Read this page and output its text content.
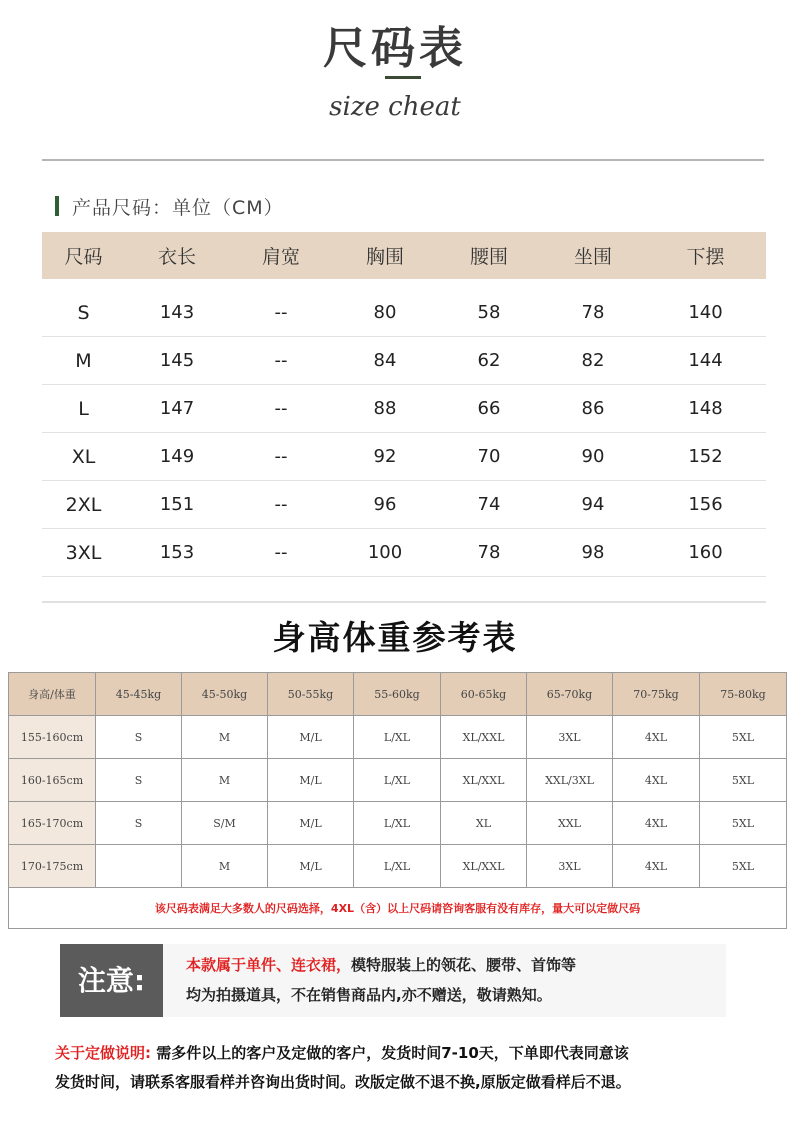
尺码表
size cheat
产品尺码：单位（CM）
尺码	衣长	肩宽	胸围	腰围	坐围	下摆

S	143	--	80	58	78	140
M	145	--	84	62	82	144
L	147	--	88	66	86	148
XL	149	--	92	70	90	152
2XL	151	--	96	74	94	156
3XL	153	--	100	78	98	160
身高体重参考表
身高/体重	45-45kg	45-50kg	50-55kg	55-60kg	60-65kg	65-70kg	70-75kg	75-80kg
155-160cm	S	M	M/L	L/XL	XL/XXL	3XL	4XL	5XL
160-165cm	S	M	M/L	L/XL	XL/XXL	XXL/3XL	4XL	5XL
165-170cm	S	S/M	M/L	L/XL	XL	XXL	4XL	5XL
170-175cm		M	M/L	L/XL	XL/XXL	3XL	4XL	5XL
该尺码表满足大多数人的尺码选择，4XL（含）以上尺码请咨询客服有没有库存，量大可以定做尺码								
注意:	本款属于单件、连衣裙，模特服装上的领花、腰带、首饰等
均为拍摄道具，不在销售商品内,亦不赠送，敬请熟知。
关于定做说明: 需多件以上的客户及定做的客户，发货时间7-10天，下单即代表同意该
发货时间，请联系客服看样并咨询出货时间。改版定做不退不换,原版定做看样后不退。
